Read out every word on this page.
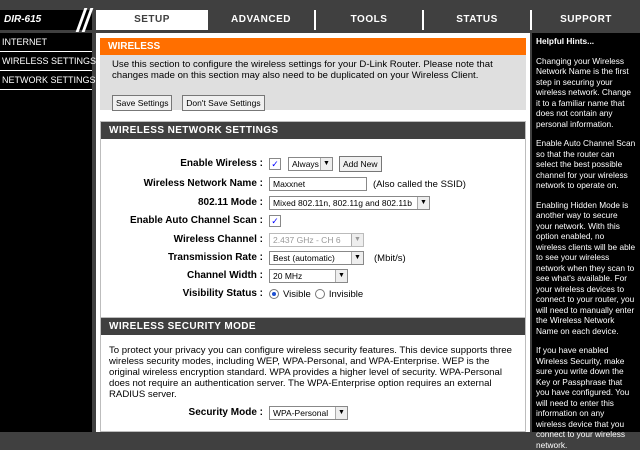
DIR-615	SETUP	ADVANCED	TOOLS	STATUS	SUPPORT
INTERNET
WIRELESS SETTINGS
NETWORK SETTINGS
WIRELESS
Use this section to configure the wireless settings for your D-Link Router. Please note that changes made on this section may also need to be duplicated on your Wireless Client.
Save Settings Don't Save Settings
WIRELESS NETWORK SETTINGS
Enable Wireless : ✓	Always ▼	Add New
Wireless Network Name :	Maxxnet	(Also called the SSID)
802.11 Mode :	Mixed 802.11n, 802.11g and 802.11b	▼
Enable Auto Channel Scan : ✓
Wireless Channel :	2.437 GHz - CH 6	▼
Transmission Rate :	Best (automatic)	▼ (Mbit/s)
Channel Width :	20 MHz	▼
Visibility Status : Visible Invisible
WIRELESS SECURITY MODE
To protect your privacy you can configure wireless security features. This device supports three wireless security modes, including WEP, WPA-Personal, and WPA-Enterprise. WEP is the original wireless encryption standard. WPA provides a higher level of security. WPA-Personal does not require an authentication server. The WPA-Enterprise option requires an external RADIUS server.
Security Mode :	WPA-Personal	▼
Helpful Hints...

Changing your Wireless Network Name is the first step in securing your wireless network. Change it to a familiar name that does not contain any personal information.

Enable Auto Channel Scan so that the router can select the best possible channel for your wireless network to operate on.

Enabling Hidden Mode is another way to secure your network. With this option enabled, no wireless clients will be able to see your wireless network when they scan to see what's available. For your wireless devices to connect to your router, you will need to manually enter the Wireless Network Name on each device.

If you have enabled Wireless Security, make sure you write down the Key or Passphrase that you have configured. You will need to enter this information on any wireless device that you connect to your wireless network.
